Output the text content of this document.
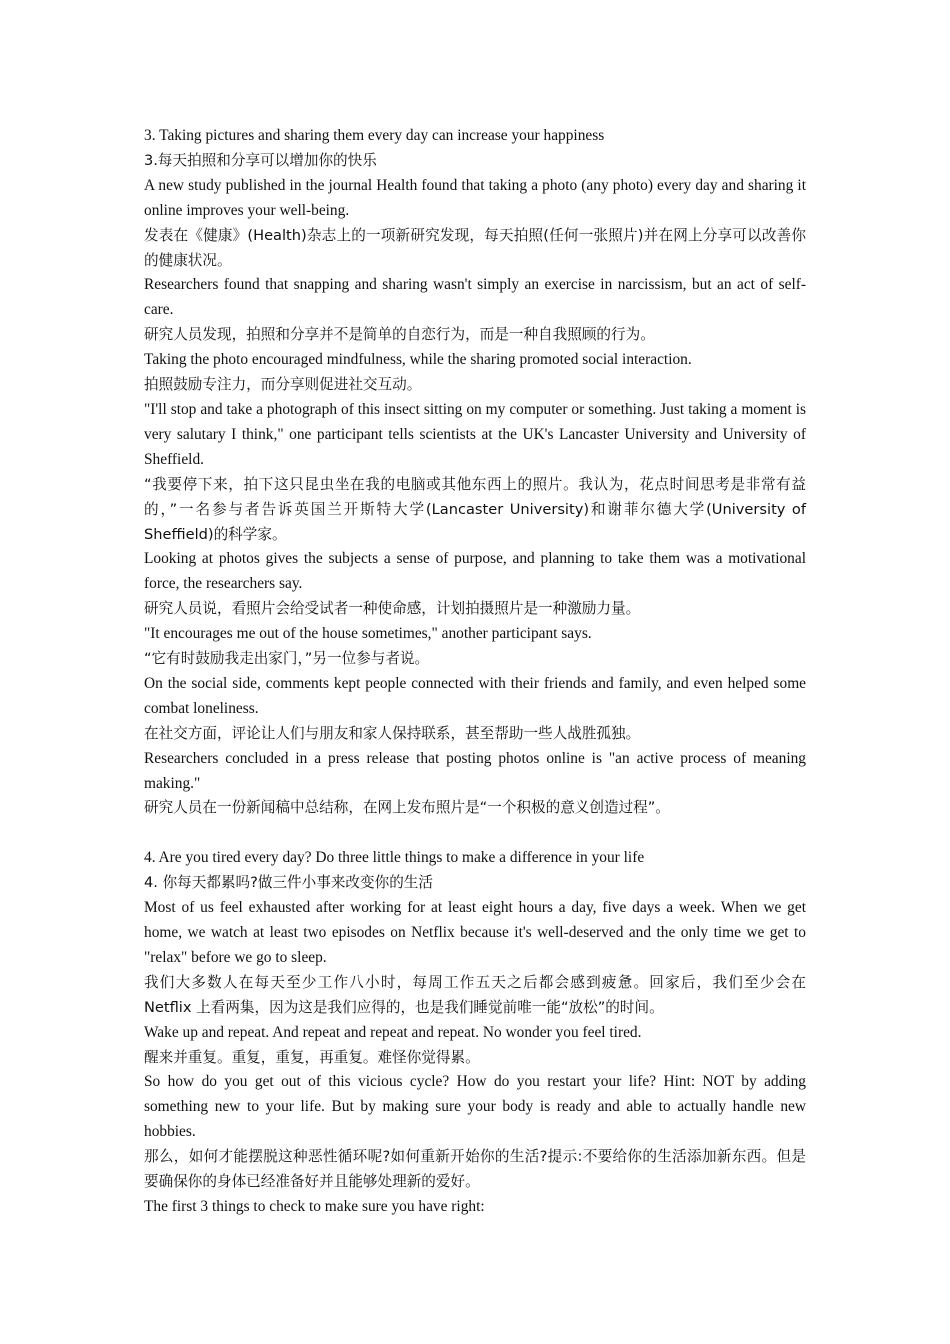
3. Taking pictures and sharing them every day can increase your happiness

3.每天拍照和分享可以增加你的快乐

A new study published in the journal Health found that taking a photo (any photo) every day and sharing it online improves your well-being.

发表在《健康》(Health)杂志上的一项新研究发现，每天拍照(任何一张照片)并在网上分享可以改善你的健康状况。

Researchers found that snapping and sharing wasn't simply an exercise in narcissism, but an act of self-care.

研究人员发现，拍照和分享并不是简单的自恋行为，而是一种自我照顾的行为。

Taking the photo encouraged mindfulness, while the sharing promoted social interaction.

拍照鼓励专注力，而分享则促进社交互动。

"I'll stop and take a photograph of this insect sitting on my computer or something. Just taking a moment is very salutary I think," one participant tells scientists at the UK's Lancaster University and University of Sheffield.

“我要停下来，拍下这只昆虫坐在我的电脑或其他东西上的照片。我认为，花点时间思考是非常有益的，”一名参与者告诉英国兰开斯特大学(Lancaster University)和谢菲尔德大学(University of Sheffield)的科学家。

Looking at photos gives the subjects a sense of purpose, and planning to take them was a motivational force, the researchers say.

研究人员说，看照片会给受试者一种使命感，计划拍摄照片是一种激励力量。

"It encourages me out of the house sometimes," another participant says.

“它有时鼓励我走出家门，”另一位参与者说。

On the social side, comments kept people connected with their friends and family, and even helped some combat loneliness.

在社交方面，评论让人们与朋友和家人保持联系，甚至帮助一些人战胜孤独。

Researchers concluded in a press release that posting photos online is "an active process of meaning making."

研究人员在一份新闻稿中总结称，在网上发布照片是“一个积极的意义创造过程”。

4. Are you tired every day? Do three little things to make a difference in your life

4. 你每天都累吗?做三件小事来改变你的生活

Most of us feel exhausted after working for at least eight hours a day, five days a week. When we get home, we watch at least two episodes on Netflix because it's well-deserved and the only time we get to "relax" before we go to sleep.

我们大多数人在每天至少工作八小时，每周工作五天之后都会感到疲惫。回家后，我们至少会在 Netflix 上看两集，因为这是我们应得的，也是我们睡觉前唯一能“放松”的时间。

Wake up and repeat. And repeat and repeat and repeat. No wonder you feel tired.

醒来并重复。重复，重复，再重复。难怪你觉得累。

So how do you get out of this vicious cycle? How do you restart your life? Hint: NOT by adding something new to your life. But by making sure your body is ready and able to actually handle new hobbies.

那么，如何才能摆脱这种恶性循环呢?如何重新开始你的生活?提示:不要给你的生活添加新东西。但是要确保你的身体已经准备好并且能够处理新的爱好。

The first 3 things to check to make sure you have right:
